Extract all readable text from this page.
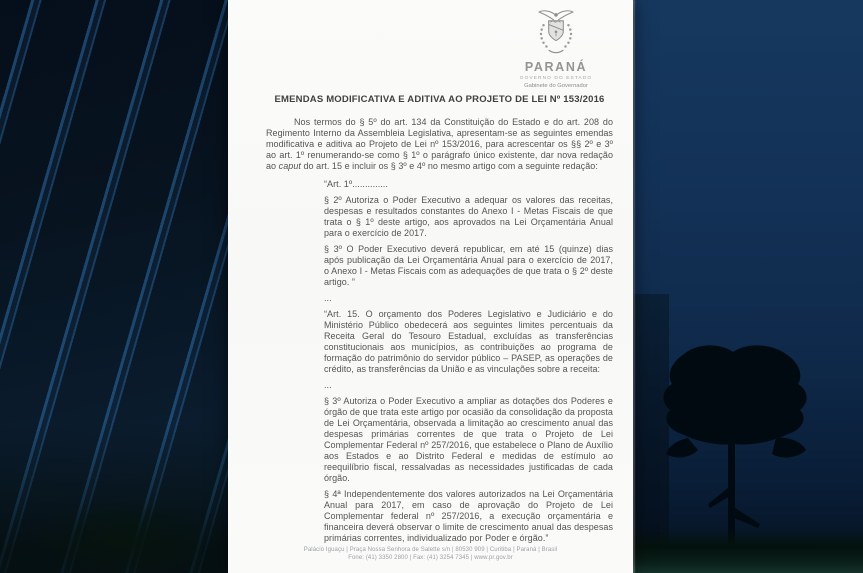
PARANÁ
GOVERNO DO ESTADO
Gabinete do Governador
EMENDAS MODIFICATIVA E ADITIVA AO PROJETO DE LEI Nº 153/2016

Nos termos do § 5º do art. 134 da Constituição do Estado e do art. 208 do Regimento Interno da Assembleia Legislativa, apresentam-se as seguintes emendas modificativa e aditiva ao Projeto de Lei nº 153/2016, para acrescentar os §§ 2º e 3º ao art. 1º renumerando-se como § 1º o parágrafo único existente, dar nova redação ao caput do art. 15 e incluir os § 3º e 4º no mesmo artigo com a seguinte redação:

“Art. 1º..............

§ 2º Autoriza o Poder Executivo a adequar os valores das receitas, despesas e resultados constantes do Anexo I - Metas Fiscais de que trata o § 1º deste artigo, aos aprovados na Lei Orçamentária Anual para o exercício de 2017.

§ 3º O Poder Executivo deverá republicar, em até 15 (quinze) dias após publicação da Lei Orçamentária Anual para o exercício de 2017, o Anexo I - Metas Fiscais com as adequações de que trata o § 2º deste artigo. ”

...

“Art. 15. O orçamento dos Poderes Legislativo e Judiciário e do Ministério Público obedecerá aos seguintes limites percentuais da Receita Geral do Tesouro Estadual, excluídas as transferências constitucionais aos municípios, as contribuições ao programa de formação do patrimônio do servidor público – PASEP, as operações de crédito, as transferências da União e as vinculações sobre a receita:

...

§ 3º Autoriza o Poder Executivo a ampliar as dotações dos Poderes e órgão de que trata este artigo por ocasião da consolidação da proposta de Lei Orçamentária, observada a limitação ao crescimento anual das despesas primárias correntes de que trata o Projeto de Lei Complementar Federal nº 257/2016, que estabelece o Plano de Auxílio aos Estados e ao Distrito Federal e medidas de estímulo ao reequilíbrio fiscal, ressalvadas as necessidades justificadas de cada órgão.

§ 4ª Independentemente dos valores autorizados na Lei Orçamentária Anual para 2017, em caso de aprovação do Projeto de Lei Complementar federal nº 257/2016, a execução orçamentária e financeira deverá observar o limite de crescimento anual das despesas primárias correntes, individualizado por Poder e órgão.”

Palácio Iguaçu | Praça Nossa Senhora de Salette s/n | 80530 909 | Curitiba | Paraná | Brasil
Fone: (41) 3350 2800 | Fax: (41) 3254 7345 | www.pr.gov.br
